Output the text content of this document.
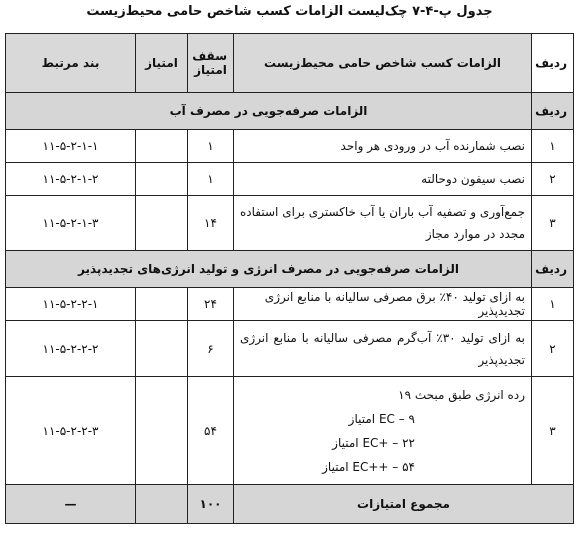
جدول پ-۴-۷ چک‌لیست الزامات کسب شاخص حامی محیط‌زیست
ردیف	الزامات کسب شاخص حامی محیط‌زیست	سقف امتیاز	امتیاز	بند مرتبط
ردیف	الزامات صرفه‌جویی در مصرف آب			
۱	نصب شمارنده آب در ورودی هر واحد	۱		۱۱-۵-۲-۱-۱
۲	نصب سیفون دوحالته	۱		۱۱-۵-۲-۱-۲
۳	جمع‌آوری و تصفیه آب باران یا آب خاکستری برای استفاده مجدد در موارد مجاز	۱۴		۱۱-۵-۲-۱-۳
ردیف	الزامات صرفه‌جویی در مصرف انرژی و تولید انرژی‌های تجدیدپذیر			
۱	به ازای تولید ۴۰٪ برق مصرفی سالیانه با منابع انرژی تجدیدپذیر	۲۴		۱۱-۵-۲-۲-۱
۲	به ازای تولید ۳۰٪ آب‌گرم مصرفی سالیانه با منابع انرژی تجدیدپذیر	۶		۱۱-۵-۲-۲-۲
۳	رده انرژی طبق مبحث ۱۹
EC – ۹ امتیاز
EC+ – ۲۲ امتیاز
EC++ – ۵۴ امتیاز	۵۴		۱۱-۵-۲-۲-۳
مجموع امتیازات		۱۰۰		—
